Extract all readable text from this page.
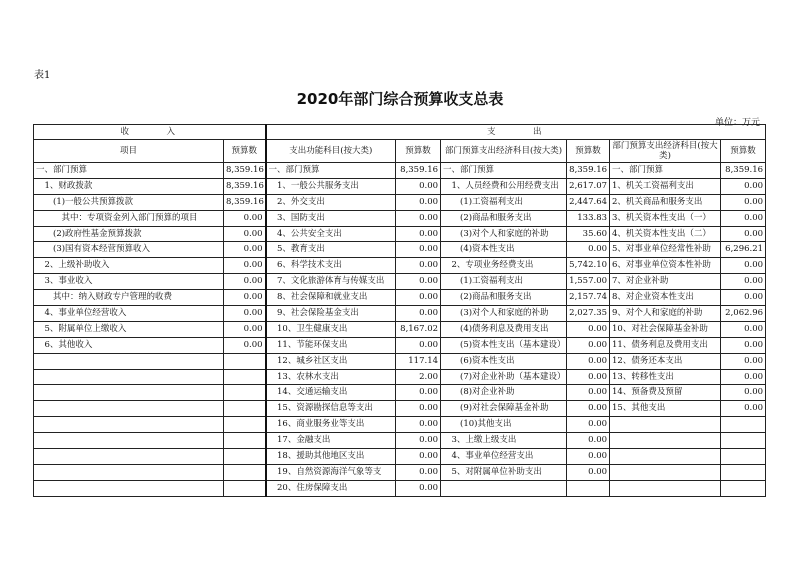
表1
2020年部门综合预算收支总表
单位：万元
收　　　入		支　　　出					
项目	预算数	支出功能科目(按大类)	预算数	部门预算支出经济科目(按大类)	预算数	部门预算支出经济科目(按大类)	预算数
一、部门预算	8,359.16	一、部门预算	8,359.16	一、部门预算	8,359.16	一、部门预算	8,359.16
　1、财政拨款	8,359.16	　1、一般公共服务支出	0.00	　1、人员经费和公用经费支出	2,617.07	1、机关工资福利支出	0.00
　　(1)一般公共预算拨款	8,359.16	　2、外交支出	0.00	　　(1)工资福利支出	2,447.64	2、机关商品和服务支出	0.00
　　　其中：专项资金列入部门预算的项目	0.00	　3、国防支出	0.00	　　(2)商品和服务支出	133.83	3、机关资本性支出（一）	0.00
　　(2)政府性基金预算拨款	0.00	　4、公共安全支出	0.00	　　(3)对个人和家庭的补助	35.60	4、机关资本性支出（二）	0.00
　　(3)国有资本经营预算收入	0.00	　5、教育支出	0.00	　　(4)资本性支出	0.00	5、对事业单位经常性补助	6,296.21
　2、上级补助收入	0.00	　6、科学技术支出	0.00	　2、专项业务经费支出	5,742.10	6、对事业单位资本性补助	0.00
　3、事业收入	0.00	　7、文化旅游体育与传媒支出	0.00	　　(1)工资福利支出	1,557.00	7、对企业补助	0.00
　　其中：纳入财政专户管理的收费	0.00	　8、社会保障和就业支出	0.00	　　(2)商品和服务支出	2,157.74	8、对企业资本性支出	0.00
　4、事业单位经营收入	0.00	　9、社会保险基金支出	0.00	　　(3)对个人和家庭的补助	2,027.35	9、对个人和家庭的补助	2,062.96
　5、附属单位上缴收入	0.00	　10、卫生健康支出	8,167.02	　　(4)债务利息及费用支出	0.00	10、对社会保障基金补助	0.00
　6、其他收入	0.00	　11、节能环保支出	0.00	　　(5)资本性支出（基本建设）	0.00	11、债务利息及费用支出	0.00
		　12、城乡社区支出	117.14	　　(6)资本性支出	0.00	12、债务还本支出	0.00
		　13、农林水支出	2.00	　　(7)对企业补助（基本建设）	0.00	13、转移性支出	0.00
		　14、交通运输支出	0.00	　　(8)对企业补助	0.00	14、预备费及预留	0.00
		　15、资源勘探信息等支出	0.00	　　(9)对社会保障基金补助	0.00	15、其他支出	0.00
		　16、商业服务业等支出	0.00	　　(10)其他支出	0.00		
		　17、金融支出	0.00	　3、上缴上级支出	0.00		
		　18、援助其他地区支出	0.00	　4、事业单位经营支出	0.00		
		　19、自然资源海洋气象等支	0.00	　5、对附属单位补助支出	0.00		
		　20、住房保障支出	0.00				
